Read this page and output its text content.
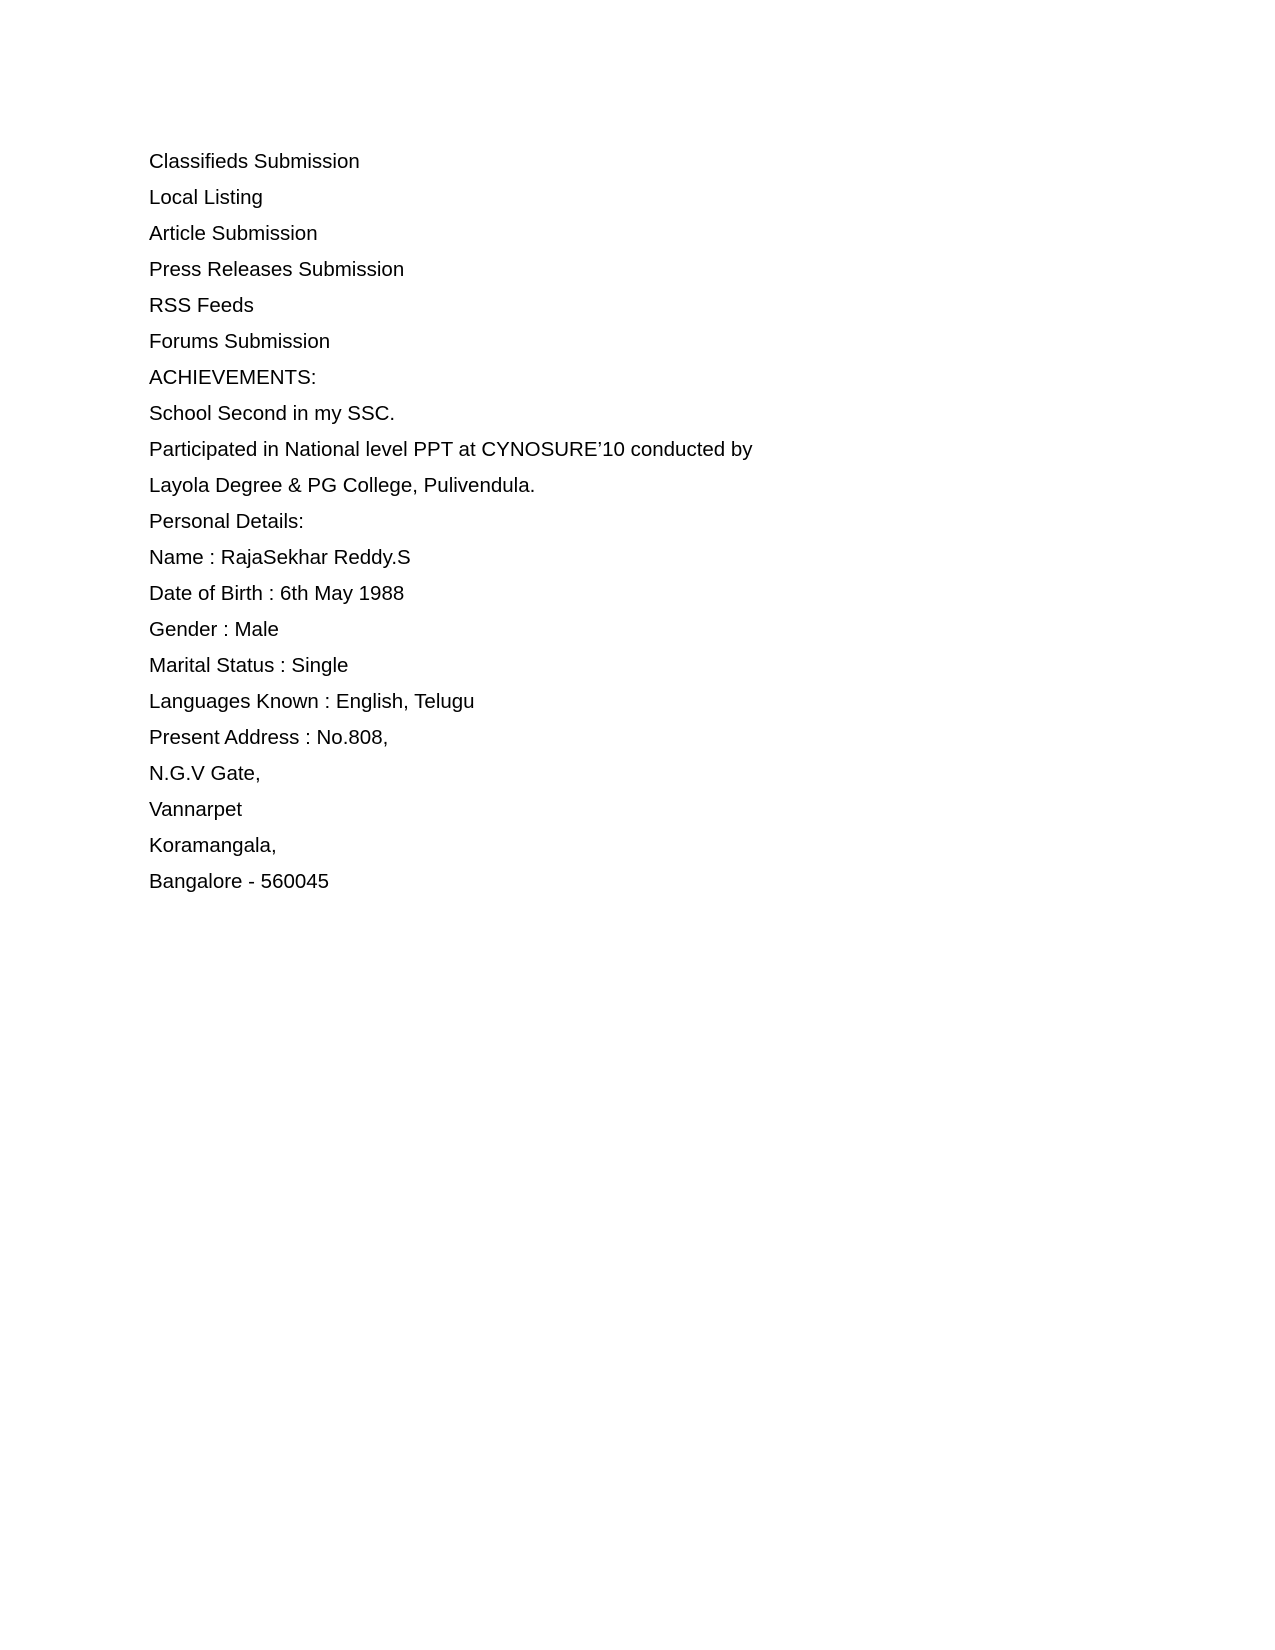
Classifieds Submission
Local Listing
Article Submission
Press Releases Submission
RSS Feeds
Forums Submission
ACHIEVEMENTS:
School Second in my SSC.
Participated in National level PPT at CYNOSURE’10 conducted by
Layola Degree & PG College, Pulivendula.
Personal Details:
Name : RajaSekhar Reddy.S
Date of Birth : 6th May 1988
Gender : Male
Marital Status : Single
Languages Known : English, Telugu
Present Address : No.808,
N.G.V Gate,
Vannarpet
Koramangala,
Bangalore - 560045
